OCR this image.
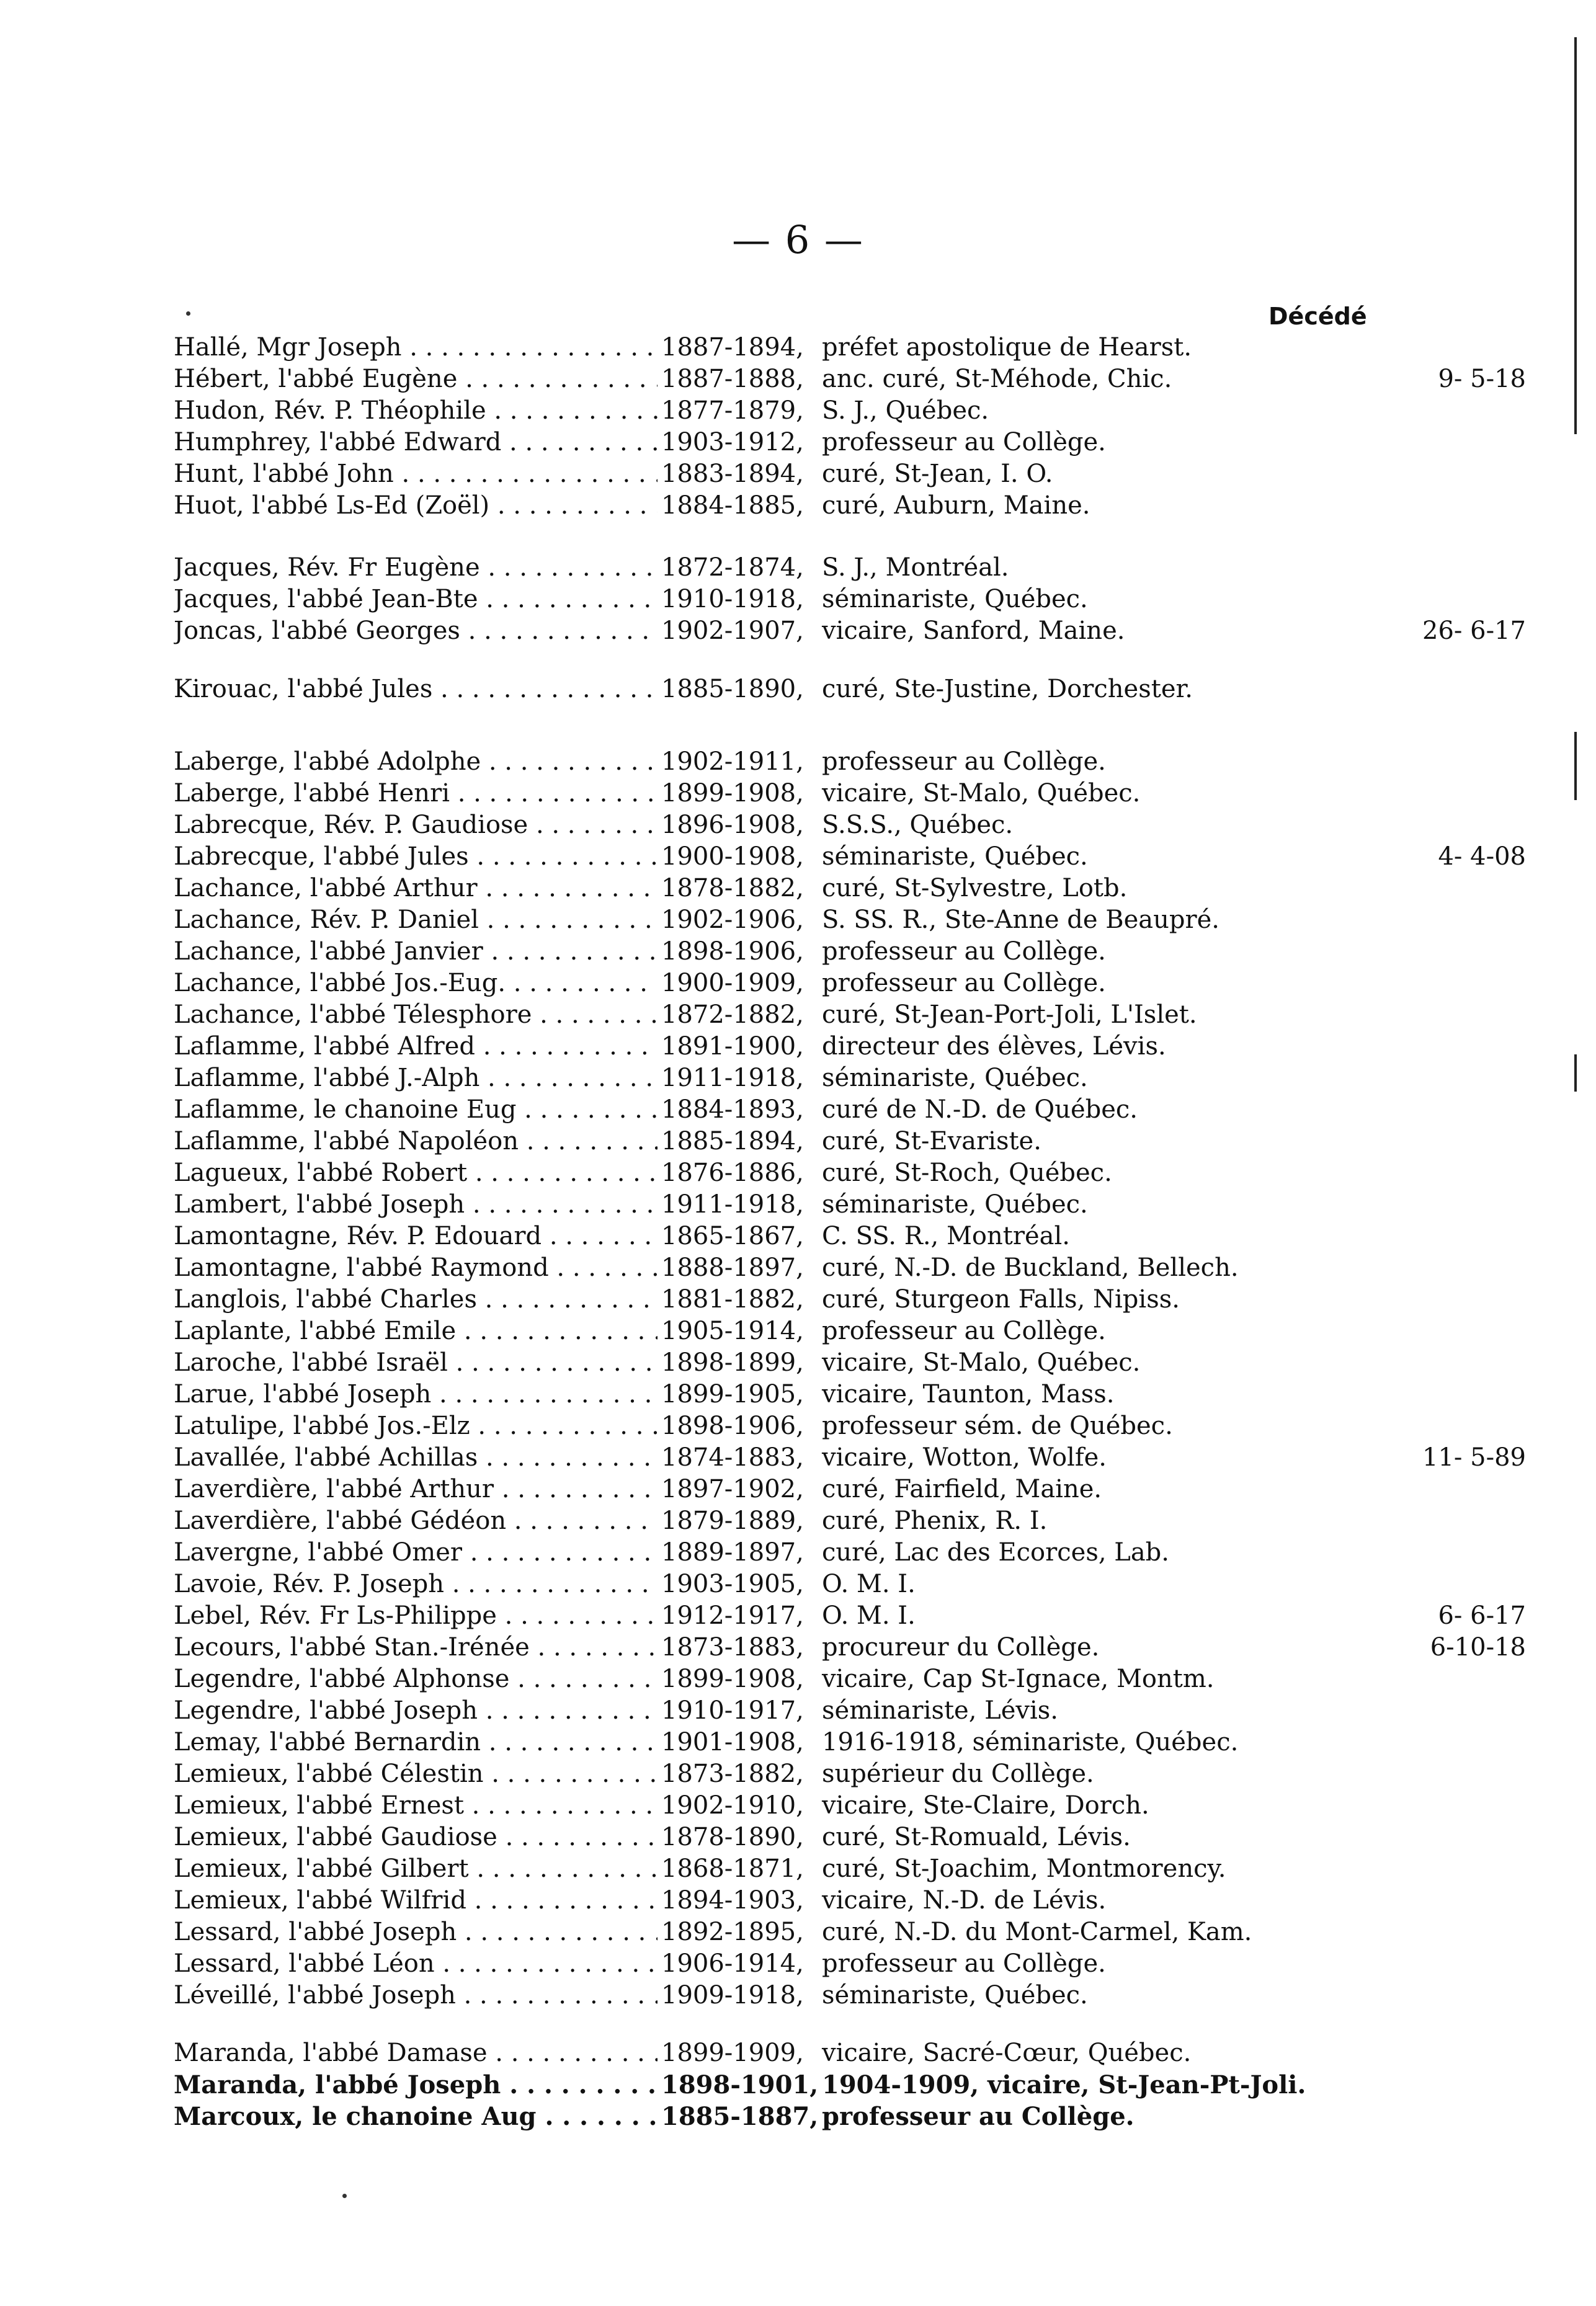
— 6 —
Décédé
Hallé, Mgr Joseph . . .	1887-1894, préfet apostolique de Hearst.
Hébert, l'abbé Eugène . . .	1887-1888, anc. curé, St-Méhode, Chic.	9- 5-18
Hudon, Rév. P. Théophile . . .	1877-1879, S. J., Québec.
Humphrey, l'abbé Edward . . .	1903-1912, professeur au Collège.
Hunt, l'abbé John . . .	1883-1894, curé, St-Jean, I. O.
Huot, l'abbé Ls-Ed (Zoël) . . .	1884-1885, curé, Auburn, Maine.
Jacques, Rév. Fr Eugène . . .	1872-1874, S. J., Montréal.
Jacques, l'abbé Jean-Bte . . .	1910-1918, séminariste, Québec.
Joncas, l'abbé Georges . . .	1902-1907, vicaire, Sanford, Maine.	26- 6-17
Kirouac, l'abbé Jules . . .	1885-1890, curé, Ste-Justine, Dorchester.
Laberge, l'abbé Adolphe . . .	1902-1911, professeur au Collège.
Laberge, l'abbé Henri . . .	1899-1908, vicaire, St-Malo, Québec.
Labrecque, Rév. P. Gaudiose . . .	1896-1908, S.S.S., Québec.
Labrecque, l'abbé Jules . . .	1900-1908, séminariste, Québec.	4- 4-08
Lachance, l'abbé Arthur . . .	1878-1882, curé, St-Sylvestre, Lotb.
Lachance, Rév. P. Daniel . . .	1902-1906, S. SS. R., Ste-Anne de Beaupré.
Lachance, l'abbé Janvier . . .	1898-1906, professeur au Collège.
Lachance, l'abbé Jos.-Eug. . . .	1900-1909, professeur au Collège.
Lachance, l'abbé Télesphore . . .	1872-1882, curé, St-Jean-Port-Joli, L'Islet.
Laflamme, l'abbé Alfred . . .	1891-1900, directeur des élèves, Lévis.
Laflamme, l'abbé J.-Alph . . .	1911-1918, séminariste, Québec.
Laflamme, le chanoine Eug . . .	1884-1893, curé de N.-D. de Québec.
Laflamme, l'abbé Napoléon . . .	1885-1894, curé, St-Evariste.
Lagueux, l'abbé Robert . . .	1876-1886, curé, St-Roch, Québec.
Lambert, l'abbé Joseph . . .	1911-1918, séminariste, Québec.
Lamontagne, Rév. P. Edouard . . .	1865-1867, C. SS. R., Montréal.
Lamontagne, l'abbé Raymond . . .	1888-1897, curé, N.-D. de Buckland, Bellech.
Langlois, l'abbé Charles . . .	1881-1882, curé, Sturgeon Falls, Nipiss.
Laplante, l'abbé Emile . . .	1905-1914, professeur au Collège.
Laroche, l'abbé Israël . . .	1898-1899, vicaire, St-Malo, Québec.
Larue, l'abbé Joseph . . .	1899-1905, vicaire, Taunton, Mass.
Latulipe, l'abbé Jos.-Elz . . .	1898-1906, professeur sém. de Québec.
Lavallée, l'abbé Achillas . . .	1874-1883, vicaire, Wotton, Wolfe.	11- 5-89
Laverdière, l'abbé Arthur . . .	1897-1902, curé, Fairfield, Maine.
Laverdière, l'abbé Gédéon . . .	1879-1889, curé, Phenix, R. I.
Lavergne, l'abbé Omer . . .	1889-1897, curé, Lac des Ecorces, Lab.
Lavoie, Rév. P. Joseph . . .	1903-1905, O. M. I.
Lebel, Rév. Fr Ls-Philippe . . .	1912-1917, O. M. I.	6- 6-17
Lecours, l'abbé Stan.-Irénée . . .	1873-1883, procureur du Collège.	6-10-18
Legendre, l'abbé Alphonse . . .	1899-1908, vicaire, Cap St-Ignace, Montm.
Legendre, l'abbé Joseph . . .	1910-1917, séminariste, Lévis.
Lemay, l'abbé Bernardin . . .	1901-1908, 1916-1918, séminariste, Québec.
Lemieux, l'abbé Célestin . . .	1873-1882, supérieur du Collège.
Lemieux, l'abbé Ernest . . .	1902-1910, vicaire, Ste-Claire, Dorch.
Lemieux, l'abbé Gaudiose . . .	1878-1890, curé, St-Romuald, Lévis.
Lemieux, l'abbé Gilbert . . .	1868-1871, curé, St-Joachim, Montmorency.
Lemieux, l'abbé Wilfrid . . .	1894-1903, vicaire, N.-D. de Lévis.
Lessard, l'abbé Joseph . . .	1892-1895, curé, N.-D. du Mont-Carmel, Kam.
Lessard, l'abbé Léon . . .	1906-1914, professeur au Collège.
Léveillé, l'abbé Joseph . . .	1909-1918, séminariste, Québec.
Maranda, l'abbé Damase . . .	1899-1909, vicaire, Sacré-Cœur, Québec.
Maranda, l'abbé Joseph . . .	1898-1901, 1904-1909, vicaire, St-Jean-Pt-Joli.
Marcoux, le chanoine Aug . . .	1885-1887, professeur au Collège.
